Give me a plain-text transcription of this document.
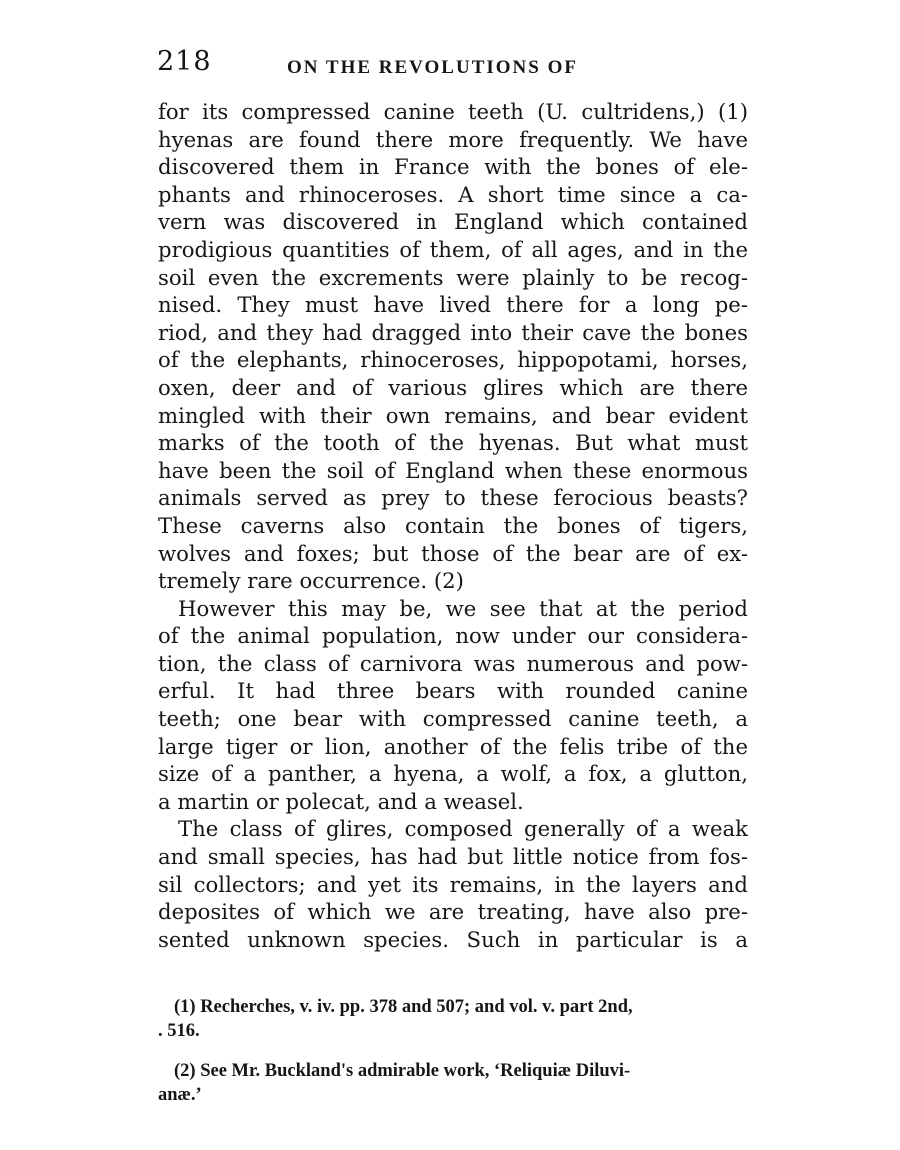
218	ON THE REVOLUTIONS OF
for its compressed canine teeth (U. cultridens,) (1)
hyenas are found there more frequently. We have
discovered them in France with the bones of ele-
phants and rhinoceroses. A short time since a ca-
vern was discovered in England which contained
prodigious quantities of them, of all ages, and in the
soil even the excrements were plainly to be recog-
nised. They must have lived there for a long pe-
riod, and they had dragged into their cave the bones
of the elephants, rhinoceroses, hippopotami, horses,
oxen, deer and of various glires which are there
mingled with their own remains, and bear evident
marks of the tooth of the hyenas. But what must
have been the soil of England when these enormous
animals served as prey to these ferocious beasts?
These caverns also contain the bones of tigers,
wolves and foxes; but those of the bear are of ex-
tremely rare occurrence. (2)
However this may be, we see that at the period
of the animal population, now under our considera-
tion, the class of carnivora was numerous and pow-
erful. It had three bears with rounded canine
teeth; one bear with compressed canine teeth, a
large tiger or lion, another of the felis tribe of the
size of a panther, a hyena, a wolf, a fox, a glutton,
a martin or polecat, and a weasel.
The class of glires, composed generally of a weak
and small species, has had but little notice from fos-
sil collectors; and yet its remains, in the layers and
deposites of which we are treating, have also pre-
sented unknown species. Such in particular is a
(1) Recherches, v. iv. pp. 378 and 507; and vol. v. part 2nd,
. 516.
(2) See Mr. Buckland's admirable work, ‘Reliquiæ Diluvi-
anæ.’
